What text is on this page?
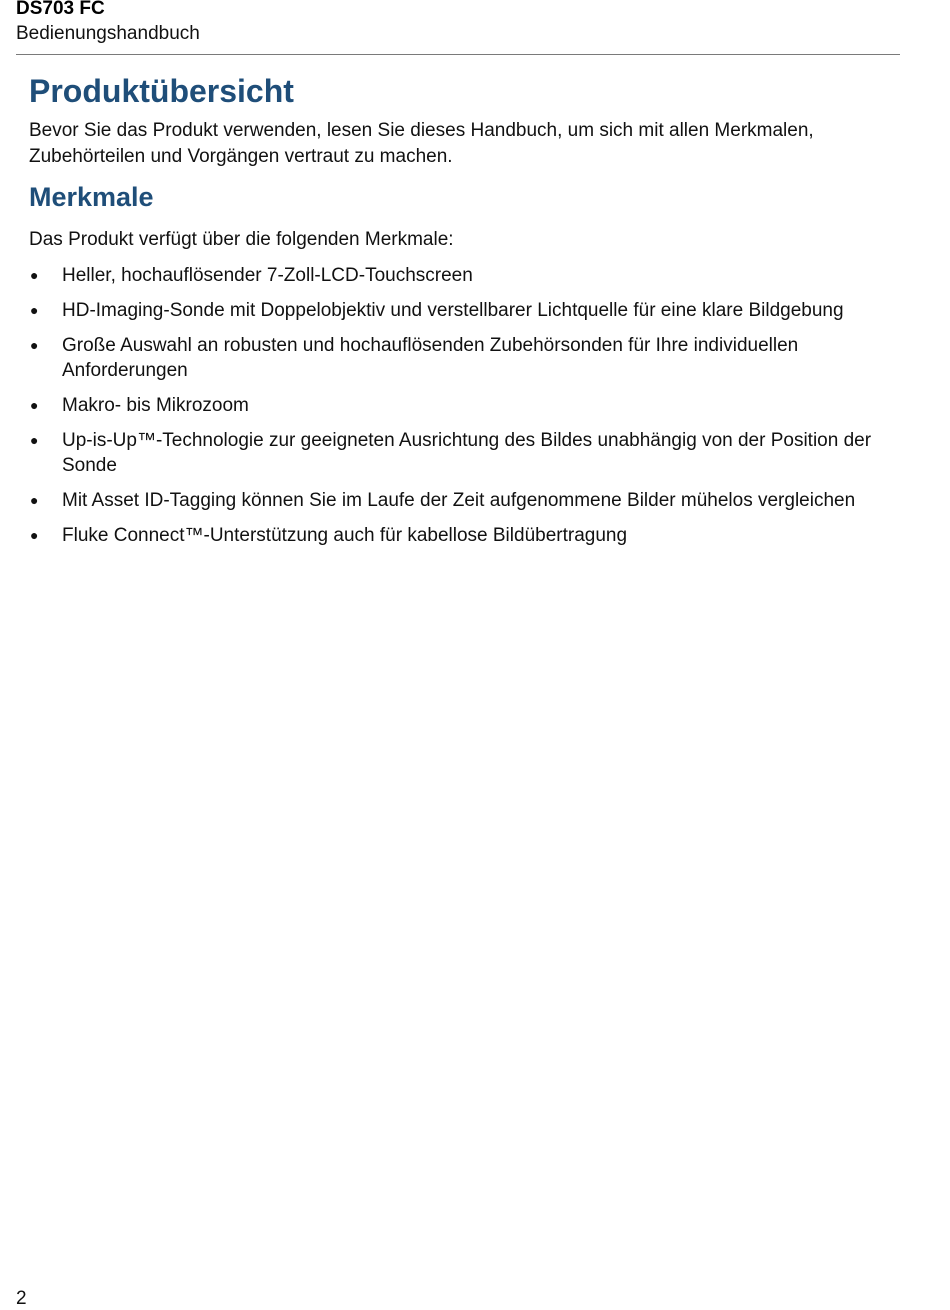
DS703 FC
Bedienungshandbuch
Produktübersicht

Bevor Sie das Produkt verwenden, lesen Sie dieses Handbuch, um sich mit allen Merkmalen, Zubehörteilen und Vorgängen vertraut zu machen.

Merkmale

Das Produkt verfügt über die folgenden Merkmale:

● Heller, hochauflösender 7-Zoll-LCD-Touchscreen
● HD-Imaging-Sonde mit Doppelobjektiv und verstellbarer Lichtquelle für eine klare Bildgebung
● Große Auswahl an robusten und hochauflösenden Zubehörsonden für Ihre individuellen Anforderungen
● Makro- bis Mikrozoom
● Up-is-Up™-Technologie zur geeigneten Ausrichtung des Bildes unabhängig von der Position der Sonde
● Mit Asset ID-Tagging können Sie im Laufe der Zeit aufgenommene Bilder mühelos vergleichen
● Fluke Connect™-Unterstützung auch für kabellose Bildübertragung
2
